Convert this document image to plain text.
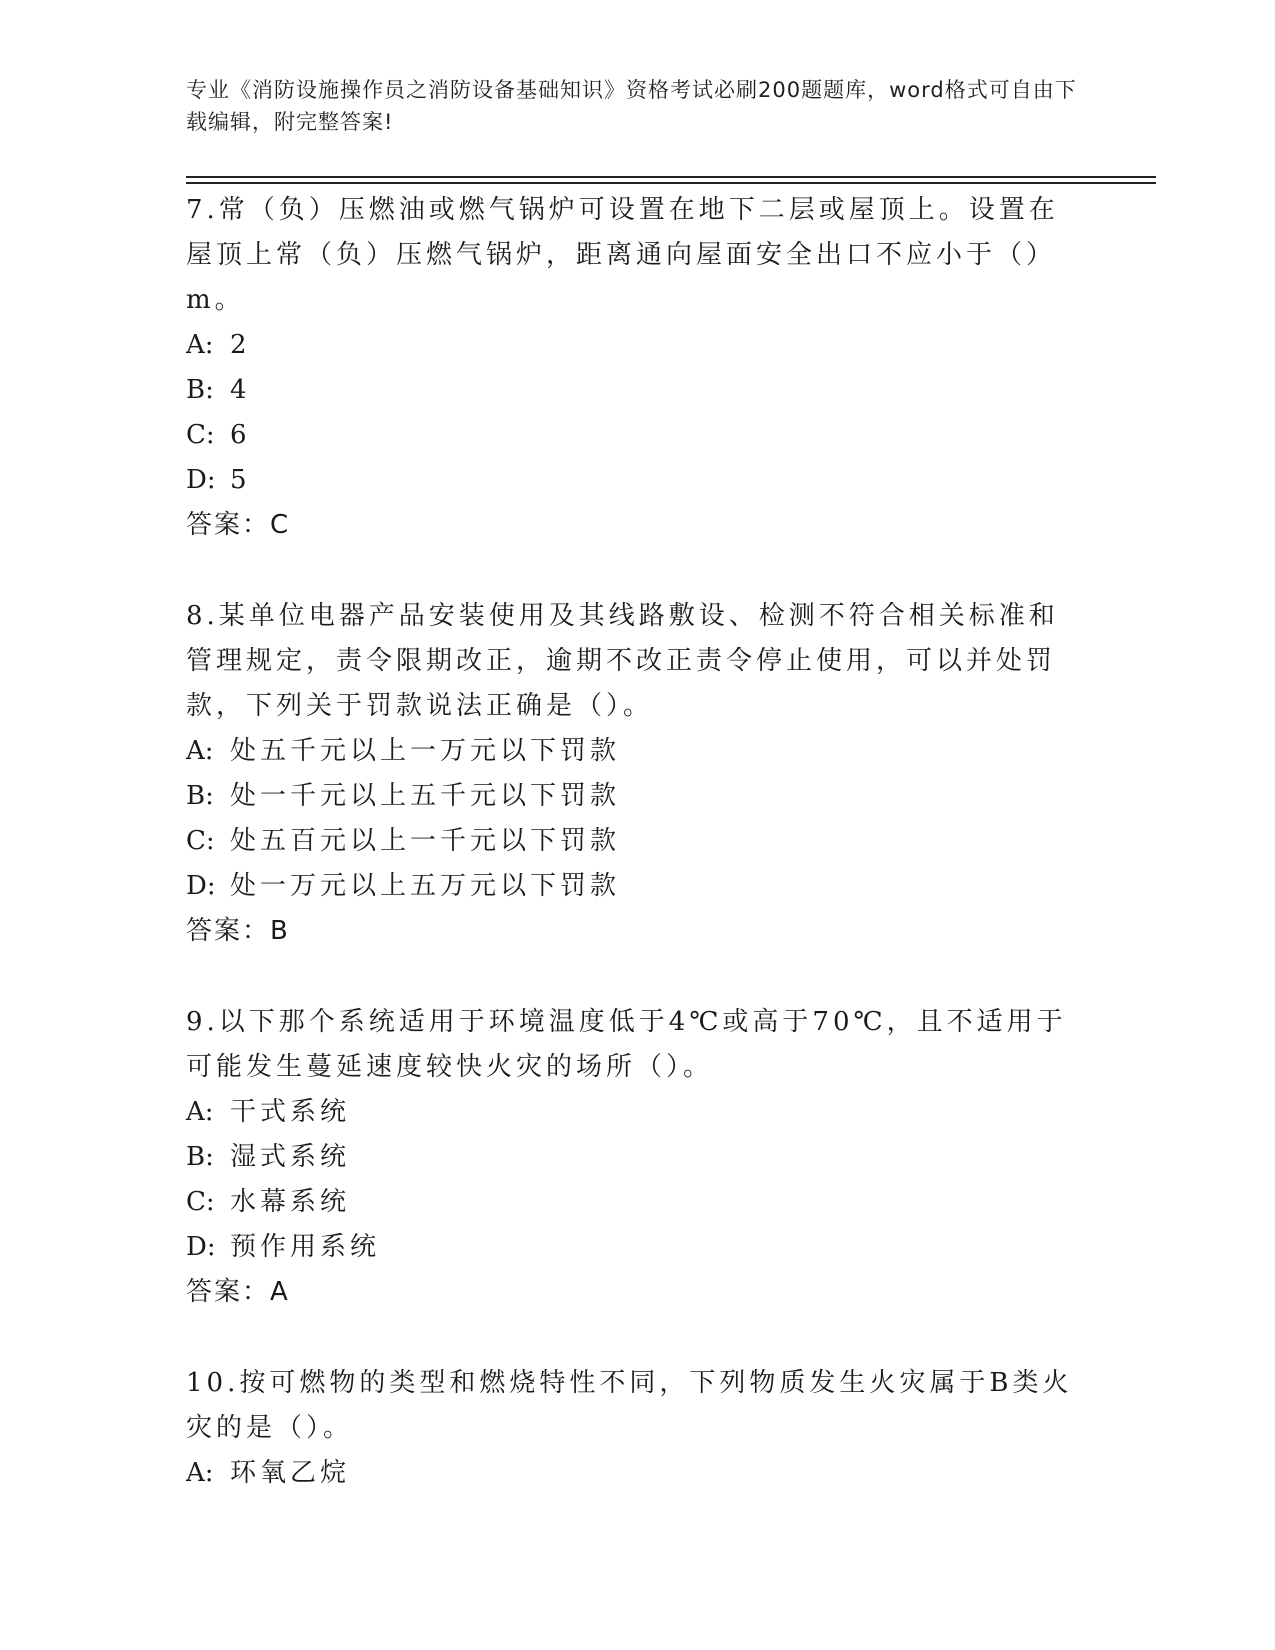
专业《消防设施操作员之消防设备基础知识》资格考试必刷200题题库，word格式可自由下载编辑，附完整答案!
7.常（负）压燃油或燃气锅炉可设置在地下二层或屋顶上。设置在屋顶上常（负）压燃气锅炉，距离通向屋面安全出口不应小于（）m。
A: 2
B: 4
C: 6
D: 5
答案：C
8.某单位电器产品安装使用及其线路敷设、检测不符合相关标准和管理规定，责令限期改正，逾期不改正责令停止使用，可以并处罚款，下列关于罚款说法正确是（）。
A: 处五千元以上一万元以下罚款
B: 处一千元以上五千元以下罚款
C: 处五百元以上一千元以下罚款
D: 处一万元以上五万元以下罚款
答案：B
9.以下那个系统适用于环境温度低于4℃或高于70℃，且不适用于可能发生蔓延速度较快火灾的场所（）。
A: 干式系统
B: 湿式系统
C: 水幕系统
D: 预作用系统
答案：A
10.按可燃物的类型和燃烧特性不同，下列物质发生火灾属于B类火灾的是（）。
A: 环氧乙烷
